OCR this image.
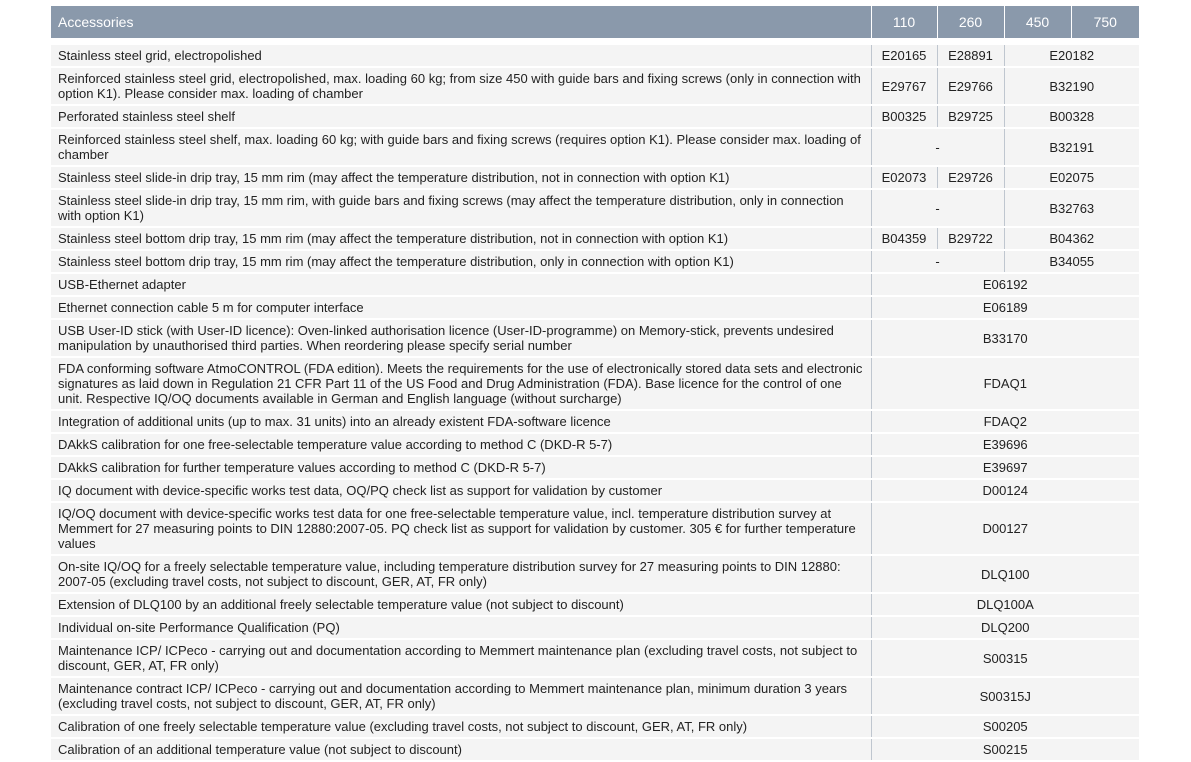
Accessories	110	260	450	750

Stainless steel grid, electropolished	E20165	E28891	E20182	
Reinforced stainless steel grid, electropolished, max. loading 60 kg; from size 450 with guide bars and fixing screws (only in connection with option K1). Please consider max. loading of chamber	E29767	E29766	B32190	
Perforated stainless steel shelf	B00325	B29725	B00328	
Reinforced stainless steel shelf, max. loading 60 kg; with guide bars and fixing screws (requires option K1). Please consider max. loading of chamber	-		B32191	
Stainless steel slide-in drip tray, 15 mm rim (may affect the temperature distribution, not in connection with option K1)	E02073	E29726	E02075	
Stainless steel slide-in drip tray, 15 mm rim, with guide bars and fixing screws (may affect the temperature distribution, only in connection with option K1)	-		B32763	
Stainless steel bottom drip tray, 15 mm rim (may affect the temperature distribution, not in connection with option K1)	B04359	B29722	B04362	
Stainless steel bottom drip tray, 15 mm rim (may affect the temperature distribution, only in connection with option K1)	-		B34055	
USB-Ethernet adapter	E06192			
Ethernet connection cable 5 m for computer interface	E06189			
USB User-ID stick (with User-ID licence): Oven-linked authorisation licence (User-ID-programme) on Memory-stick, prevents undesired manipulation by unauthorised third parties. When reordering please specify serial number	B33170			
FDA conforming software AtmoCONTROL (FDA edition). Meets the requirements for the use of electronically stored data sets and electronic signatures as laid down in Regulation 21 CFR Part 11 of the US Food and Drug Administration (FDA). Base licence for the control of one unit. Respective IQ/OQ documents available in German and English language (without surcharge)	FDAQ1			
Integration of additional units (up to max. 31 units) into an already existent FDA-software licence	FDAQ2			
DAkkS calibration for one free-selectable temperature value according to method C (DKD-R 5-7)	E39696			
DAkkS calibration for further temperature values according to method C (DKD-R 5-7)	E39697			
IQ document with device-specific works test data, OQ/PQ check list as support for validation by customer	D00124			
IQ/OQ document with device-specific works test data for one free-selectable temperature value, incl. temperature distribution survey at Memmert for 27 measuring points to DIN 12880:2007-05. PQ check list as support for validation by customer. 305 € for further temperature values	D00127			
On-site IQ/OQ for a freely selectable temperature value, including temperature distribution survey for 27 measuring points to DIN 12880: 2007-05 (excluding travel costs, not subject to discount, GER, AT, FR only)	DLQ100			
Extension of DLQ100 by an additional freely selectable temperature value (not subject to discount)	DLQ100A			
Individual on-site Performance Qualification (PQ)	DLQ200			
Maintenance ICP/ ICPeco - carrying out and documentation according to Memmert maintenance plan (excluding travel costs, not subject to discount, GER, AT, FR only)	S00315			
Maintenance contract ICP/ ICPeco - carrying out and documentation according to Memmert maintenance plan, minimum duration 3 years (excluding travel costs, not subject to discount, GER, AT, FR only)	S00315J			
Calibration of one freely selectable temperature value (excluding travel costs, not subject to discount, GER, AT, FR only)	S00205			
Calibration of an additional temperature value (not subject to discount)	S00215			
